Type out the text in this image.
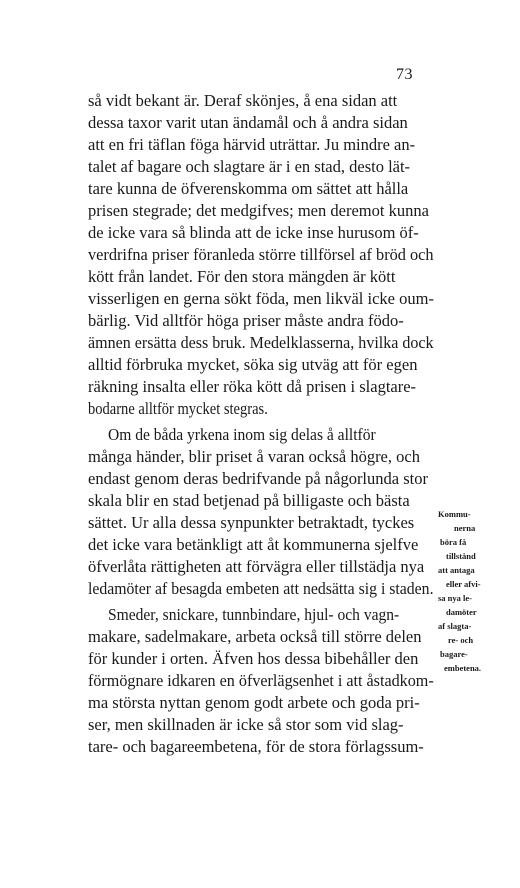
73
så vidt bekant är. Deraf skönjes, å ena sidan att
dessa taxor varit utan ändamål och å andra sidan
att en fri täflan föga härvid uträttar. Ju mindre an-
talet af bagare och slagtare är i en stad, desto lät-
tare kunna de öfverenskomma om sättet att hålla
prisen stegrade; det medgifves; men deremot kunna
de icke vara så blinda att de icke inse hurusom öf-
verdrifna priser föranleda större tillförsel af bröd och
kött från landet. För den stora mängden är kött
visserligen en gerna sökt föda, men likväl icke oum-
bärlig. Vid alltför höga priser måste andra födo-
ämnen ersätta dess bruk. Medelklasserna, hvilka dock
alltid förbruka mycket, söka sig utväg att för egen
räkning insalta eller röka kött då prisen i slagtare-
bodarne alltför mycket stegras.
Om de båda yrkena inom sig delas å alltför
många händer, blir priset å varan också högre, och
endast genom deras bedrifvande på någorlunda stor
skala blir en stad betjenad på billigaste och bästa
sättet. Ur alla dessa synpunkter betraktadt, tyckes
det icke vara betänkligt att åt kommunerna sjelfve
öfverlåta rättigheten att förvägra eller tillstädja nya
ledamöter af besagda embeten att nedsätta sig i staden.
Smeder, snickare, tunnbindare, hjul- och vagn-
makare, sadelmakare, arbeta också till större delen
för kunder i orten. Äfven hos dessa bibehåller den
förmögnare idkaren en öfverlägsenhet i att åstadkom-
ma största nyttan genom godt arbete och goda pri-
ser, men skillnaden är icke så stor som vid slag-
tare- och bagareembetena, för de stora förlagssum-
Kommu-
nerna
böra få
tillstånd
att antaga
eller afvi-
sa nya le-
damöter
af slagta-
re- och
bagare-
embetena.
